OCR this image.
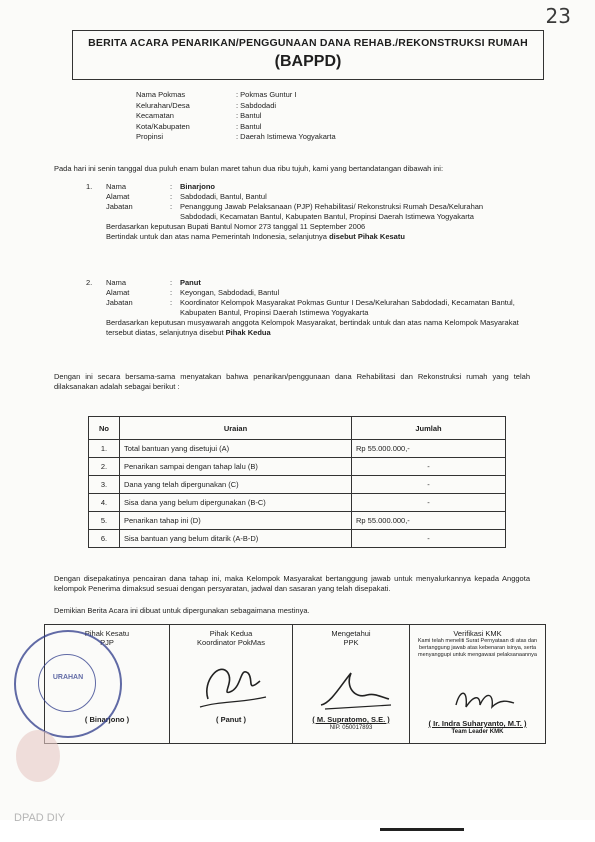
23
BERITA ACARA PENARIKAN/PENGGUNAAN DANA REHAB./REKONSTRUKSI RUMAH
(BAPPD)
Nama Pokmas	: Pokmas Guntur I
Kelurahan/Desa	: Sabdodadi
Kecamatan	: Bantul
Kota/Kabupaten	: Bantul
Propinsi	: Daerah Istimewa Yogyakarta
Pada hari ini senin tanggal dua puluh enam bulan maret tahun dua ribu tujuh, kami yang bertandatangan dibawah ini:
1.	Nama	:	Binarjono
Alamat	:	Sabdodadi, Bantul, Bantul
Jabatan	:	Penanggung Jawab Pelaksanaan (PJP) Rehabilitasi/ Rekonstruksi Rumah Desa/Kelurahan Sabdodadi, Kecamatan Bantul, Kabupaten Bantul, Propinsi Daerah Istimewa Yogyakarta
Berdasarkan keputusan Bupati Bantul Nomor 273 tanggal 11 September 2006
Bertindak untuk dan atas nama Pemerintah Indonesia, selanjutnya disebut Pihak Kesatu
2.	Nama	:	Panut
Alamat	:	Keyongan, Sabdodadi, Bantul
Jabatan	:	Koordinator Kelompok Masyarakat Pokmas Guntur I Desa/Kelurahan Sabdodadi, Kecamatan Bantul, Kabupaten Bantul, Propinsi Daerah Istimewa Yogyakarta
Berdasarkan keputusan musyawarah anggota Kelompok Masyarakat, bertindak untuk dan atas nama Kelompok Masyarakat tersebut diatas, selanjutnya disebut Pihak Kedua
Dengan ini secara bersama-sama menyatakan bahwa penarikan/penggunaan dana Rehabilitasi dan Rekonstruksi rumah yang telah dilaksanakan adalah sebagai berikut :
No	Uraian	Jumlah
1.	Total bantuan yang disetujui (A)	Rp 55.000.000,-
2.	Penarikan sampai dengan tahap lalu (B)	-
3.	Dana yang telah dipergunakan (C)	-
4.	Sisa dana yang belum dipergunakan (B-C)	-
5.	Penarikan tahap ini (D)	Rp 55.000.000,-
6.	Sisa bantuan yang belum ditarik (A-B-D)	-
Dengan disepakatinya pencairan dana tahap ini, maka Kelompok Masyarakat bertanggung jawab untuk menyalurkannya kepada Anggota kelompok Penerima dimaksud sesuai dengan persyaratan, jadwal dan sasaran yang telah disepakati.
Demikian Berita Acara ini dibuat untuk dipergunakan sebagaimana mestinya.
Pihak Kesatu
PJP
( Binarjono )
Pihak Kedua
Koordinator PokMas
( Panut )
Mengetahui
PPK
( M. Supratomo, S.E. )
NIP. 050017893
Verifikasi KMK
Kami telah meneliti Surat Pernyataan di atas dan bertanggung jawab atas kebenaran isinya, serta menyanggupi untuk mengawasi pelaksanaannya
( Ir. Indra Suharyanto, M.T. )
Team Leader KMK
URAHAN
DPAD DIY
